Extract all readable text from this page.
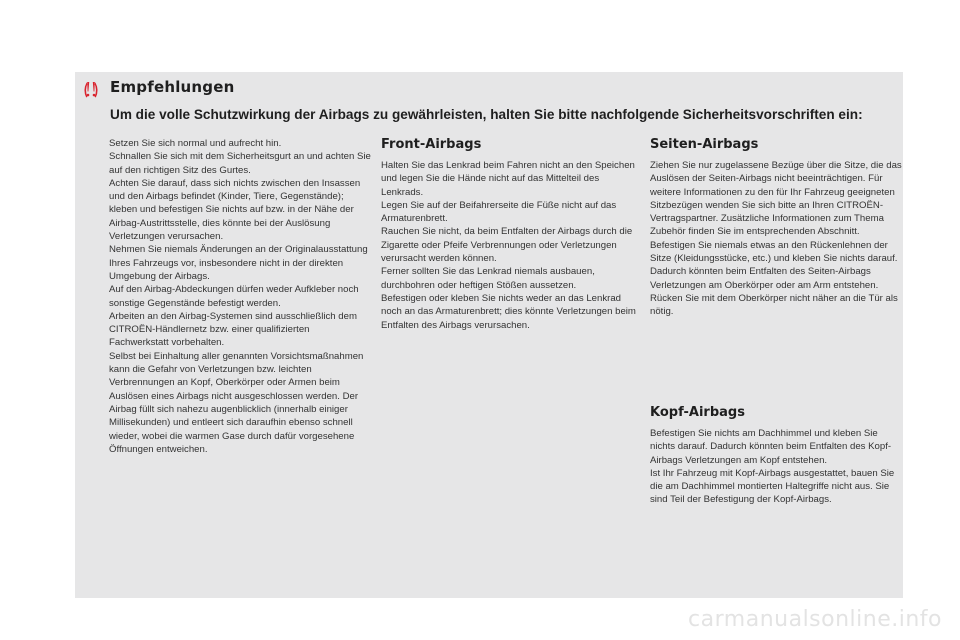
Empfehlungen
Um die volle Schutzwirkung der Airbags zu gewährleisten, halten Sie bitte nachfolgende Sicherheitsvorschriften ein:

Setzen Sie sich normal und aufrecht hin.

Schnallen Sie sich mit dem Sicherheitsgurt an und achten Sie auf den richtigen Sitz des Gurtes.

Achten Sie darauf, dass sich nichts zwischen den Insassen und den Airbags befindet (Kinder, Tiere, Gegenstände); kleben und befestigen Sie nichts auf bzw. in der Nähe der Airbag-Austrittsstelle, dies könnte bei der Auslösung Verletzungen verursachen.

Nehmen Sie niemals Änderungen an der Originalausstattung Ihres Fahrzeugs vor, insbesondere nicht in der direkten Umgebung der Airbags.

Auf den Airbag-Abdeckungen dürfen weder Aufkleber noch sonstige Gegenstände befestigt werden.

Arbeiten an den Airbag-Systemen sind ausschließlich dem CITROËN-Händlernetz bzw. einer qualifizierten Fachwerkstatt vorbehalten.

Selbst bei Einhaltung aller genannten Vorsichtsmaßnahmen kann die Gefahr von Verletzungen bzw. leichten Verbrennungen an Kopf, Oberkörper oder Armen beim Auslösen eines Airbags nicht ausgeschlossen werden. Der Airbag füllt sich nahezu augenblicklich (innerhalb einiger Millisekunden) und entleert sich daraufhin ebenso schnell wieder, wobei die warmen Gase durch dafür vorgesehene Öffnungen entweichen.

Front-Airbags

Halten Sie das Lenkrad beim Fahren nicht an den Speichen und legen Sie die Hände nicht auf das Mittelteil des Lenkrads.

Legen Sie auf der Beifahrerseite die Füße nicht auf das Armaturenbrett.

Rauchen Sie nicht, da beim Entfalten der Airbags durch die Zigarette oder Pfeife Verbrennungen oder Verletzungen verursacht werden können.

Ferner sollten Sie das Lenkrad niemals ausbauen, durchbohren oder heftigen Stößen aussetzen.

Befestigen oder kleben Sie nichts weder an das Lenkrad noch an das Armaturenbrett; dies könnte Verletzungen beim Entfalten des Airbags verursachen.

Seiten-Airbags

Ziehen Sie nur zugelassene Bezüge über die Sitze, die das Auslösen der Seiten-Airbags nicht beeinträchtigen. Für weitere Informationen zu den für Ihr Fahrzeug geeigneten Sitzbezügen wenden Sie sich bitte an Ihren CITROËN-Vertragspartner. Zusätzliche Informationen zum Thema Zubehör finden Sie im entsprechenden Abschnitt.

Befestigen Sie niemals etwas an den Rückenlehnen der Sitze (Kleidungsstücke, etc.) und kleben Sie nichts darauf. Dadurch könnten beim Entfalten des Seiten-Airbags Verletzungen am Oberkörper oder am Arm entstehen.

Rücken Sie mit dem Oberkörper nicht näher an die Tür als nötig.

Kopf-Airbags

Befestigen Sie nichts am Dachhimmel und kleben Sie nichts darauf. Dadurch könnten beim Entfalten des Kopf-Airbags Verletzungen am Kopf entstehen.

Ist Ihr Fahrzeug mit Kopf-Airbags ausgestattet, bauen Sie die am Dachhimmel montierten Haltegriffe nicht aus. Sie sind Teil der Befestigung der Kopf-Airbags.

carmanualsonline.info
